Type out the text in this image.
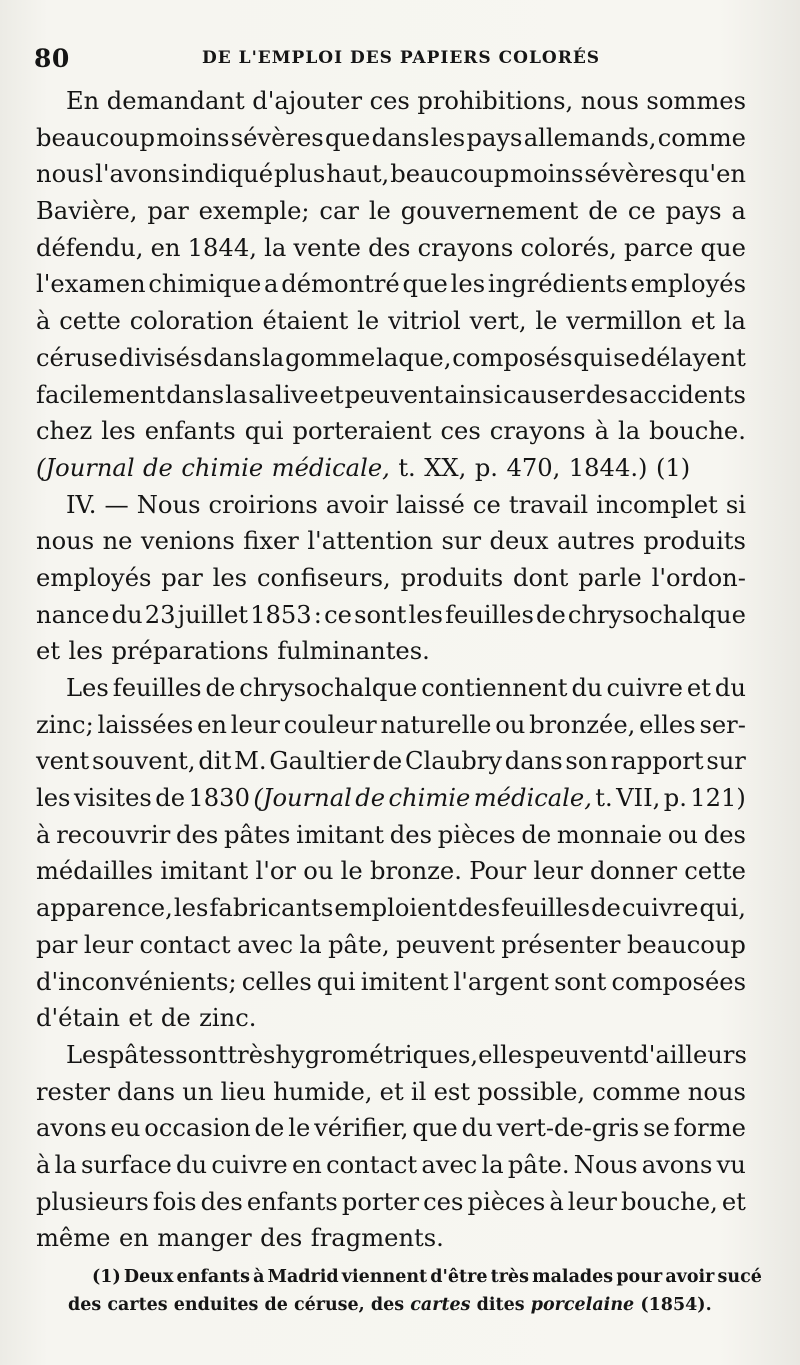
80	DE L'EMPLOI DES PAPIERS COLORÉS
En demandant d'ajouter ces prohibitions, nous sommes
beaucoup moins sévères que dans les pays allemands, comme
nous l'avons indiqué plus haut, beaucoup moins sévères qu'en
Bavière, par exemple; car le gouvernement de ce pays a
défendu, en 1844, la vente des crayons colorés, parce que
l'examen chimique a démontré que les ingrédients employés
à cette coloration étaient le vitriol vert, le vermillon et la
céruse divisés dans la gomme laque, composés qui se délayent
facilement dans la salive et peuvent ainsi causer des accidents
chez les enfants qui porteraient ces crayons à la bouche.
(Journal de chimie médicale, t. XX, p. 470, 1844.) (1)
IV. — Nous croirions avoir laissé ce travail incomplet si
nous ne venions fixer l'attention sur deux autres produits
employés par les confiseurs, produits dont parle l'ordon-
nance du 23 juillet 1853 : ce sont les feuilles de chrysochalque
et les préparations fulminantes.
Les feuilles de chrysochalque contiennent du cuivre et du
zinc; laissées en leur couleur naturelle ou bronzée, elles ser-
vent souvent, dit M. Gaultier de Claubry dans son rapport sur
les visites de 1830 (Journal de chimie médicale, t. VII, p. 121)
à recouvrir des pâtes imitant des pièces de monnaie ou des
médailles imitant l'or ou le bronze. Pour leur donner cette
apparence, les fabricants emploient des feuilles de cuivre qui,
par leur contact avec la pâte, peuvent présenter beaucoup
d'inconvénients; celles qui imitent l'argent sont composées
d'étain et de zinc.
Les pâtes sont très hygrométriques, elles peuvent d'ailleurs
rester dans un lieu humide, et il est possible, comme nous
avons eu occasion de le vérifier, que du vert-de-gris se forme
à la surface du cuivre en contact avec la pâte. Nous avons vu
plusieurs fois des enfants porter ces pièces à leur bouche, et
même en manger des fragments.
(1) Deux enfants à Madrid viennent d'être très malades pour avoir sucé
des cartes enduites de céruse, des cartes dites porcelaine (1854).
